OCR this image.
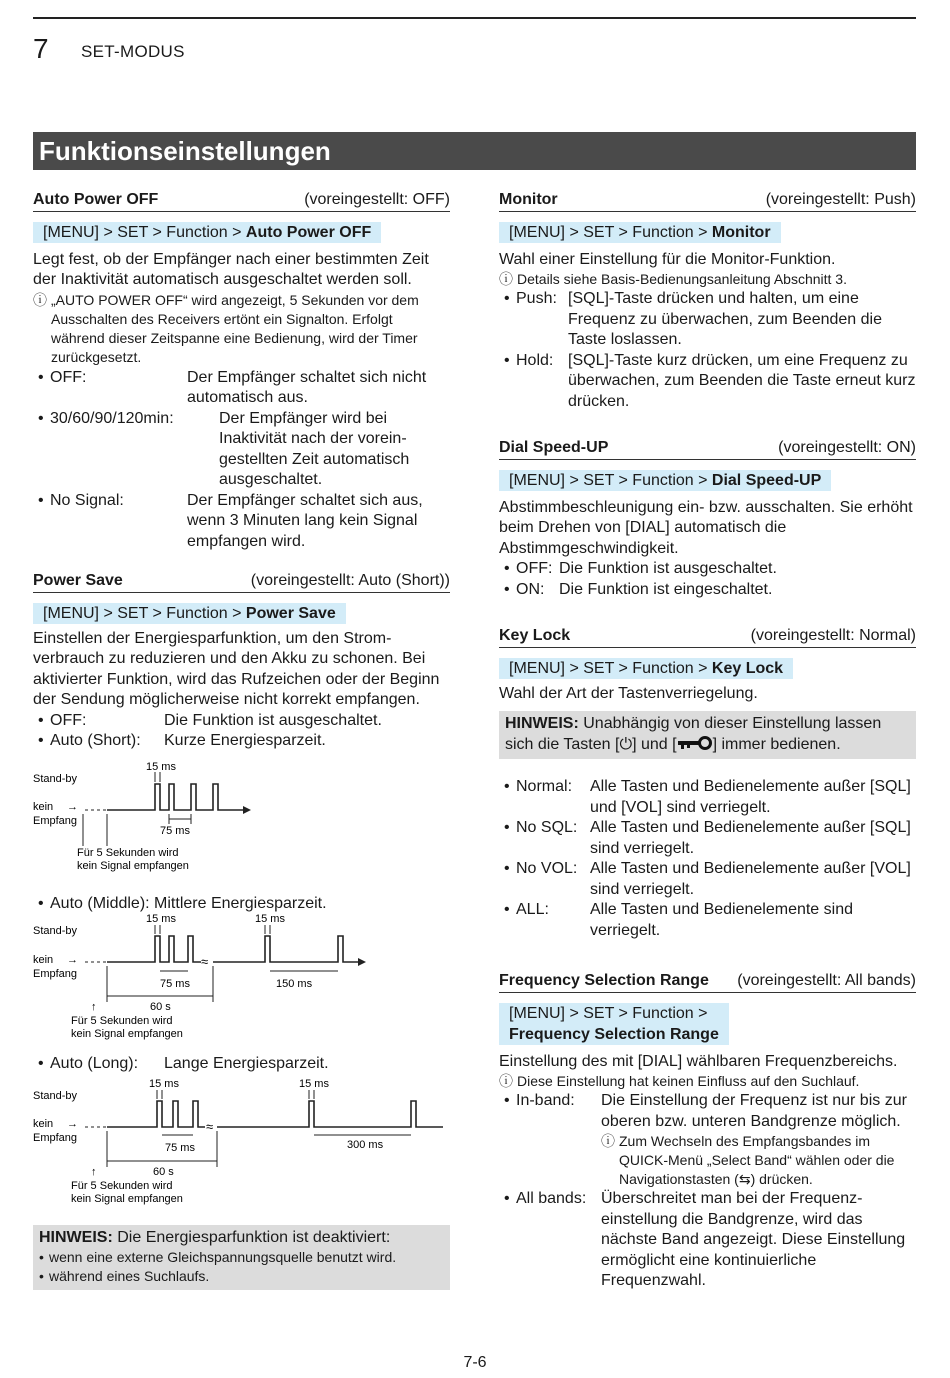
7 SET-MODUS
Funktionseinstellungen
Auto Power OFF	(voreingestellt: OFF)
[MENU] > SET > Function > Auto Power OFF
Legt fest, ob der Empfänger nach einer bestimmten Zeit der Inaktivität automatisch ausgeschaltet werden soll.
ⓘ „AUTO POWER OFF“ wird angezeigt, 5 Sekunden vor dem Ausschalten des Receivers ertönt ein Signalton. Erfolgt während dieser Zeitspanne eine Bedienung, wird der Timer zurückgesetzt.
• OFF:	Der Empfänger schaltet sich nicht automatisch aus.
• 30/60/90/120min:	Der Empfänger wird bei Inaktivität nach der voreingestellten Zeit automatisch ausgeschaltet.
• No Signal:	Der Empfänger schaltet sich aus, wenn 3 Minuten lang kein Signal empfangen wird.
Power Save	(voreingestellt: Auto (Short))
[MENU] > SET > Function > Power Save
Einstellen der Energiesparfunktion, um den Stromverbrauch zu reduzieren und den Akku zu schonen. Bei aktivierter Funktion, wird das Rufzeichen oder der Beginn der Sendung möglicherweise nicht korrekt empfangen.
• OFF:	Die Funktion ist ausgeschaltet.
• Auto (Short):	Kurze Energiesparzeit.
Stand-by
kein →
Empfang
15 ms
75 ms
Für 5 Sekunden wird
kein Signal empfangen
• Auto (Middle): Mittlere Energiesparzeit.
Stand-by
kein →
Empfang
≈
15 ms	15 ms
75 ms	150 ms
60 s
↑
Für 5 Sekunden wird
kein Signal empfangen
• Auto (Long):	Lange Energiesparzeit.
Stand-by
kein →
Empfang
≈
15 ms	15 ms
75 ms	300 ms
60 s
↑
Für 5 Sekunden wird
kein Signal empfangen
HINWEIS: Die Energiesparfunktion ist deaktiviert:
• wenn eine externe Gleichspannungsquelle benutzt wird.
• während eines Suchlaufs.
Monitor	(voreingestellt: Push)
[MENU] > SET > Function > Monitor
Wahl einer Einstellung für die Monitor-Funktion.
ⓘ Details siehe Basis-Bedienungsanleitung Abschnitt 3.
• Push: [SQL]-Taste drücken und halten, um eine Frequenz zu überwachen, zum Beenden die Taste loslassen.
• Hold: [SQL]-Taste kurz drücken, um eine Frequenz zu überwachen, zum Beenden die Taste erneut kurz drücken.
Dial Speed-UP	(voreingestellt: ON)
[MENU] > SET > Function > Dial Speed-UP
Abstimmbeschleunigung ein- bzw. ausschalten. Sie erhöht beim Drehen von [DIAL] automatisch die Abstimmgeschwindigkeit.
• OFF: Die Funktion ist ausgeschaltet.
• ON: Die Funktion ist eingeschaltet.
Key Lock	(voreingestellt: Normal)
[MENU] > SET > Function > Key Lock
Wahl der Art der Tastenverriegelung.
HINWEIS: Unabhängig von dieser Einstellung lassen sich die Tasten [⏻] und [ ] immer bedienen.
• Normal:	Alle Tasten und Bedienelemente außer [SQL] und [VOL] sind verriegelt.
• No SQL: Alle Tasten und Bedienelemente außer [SQL] sind verriegelt.
• No VOL: Alle Tasten und Bedienelemente außer [VOL] sind verriegelt.
• ALL:	Alle Tasten und Bedienelemente sind verriegelt.
Frequency Selection Range (voreingestellt: All bands)
[MENU] > SET > Function >
Frequency Selection Range
Einstellung des mit [DIAL] wählbaren Frequenzbereichs.
ⓘ Diese Einstellung hat keinen Einfluss auf den Suchlauf.
• In-band:	Die Einstellung der Frequenz ist nur bis zur oberen bzw. unteren Bandgrenze möglich.
ⓘ Zum Wechseln des Empfangsbandes im QUICK-Menü „Select Band“ wählen oder die Navigationstasten (⇆) drücken.
• All bands: Überschreitet man bei der Frequenzeinstellung die Bandgrenze, wird das nächste Band angezeigt. Diese Einstellung ermöglicht eine kontinuierliche Frequenzwahl.
7-6
